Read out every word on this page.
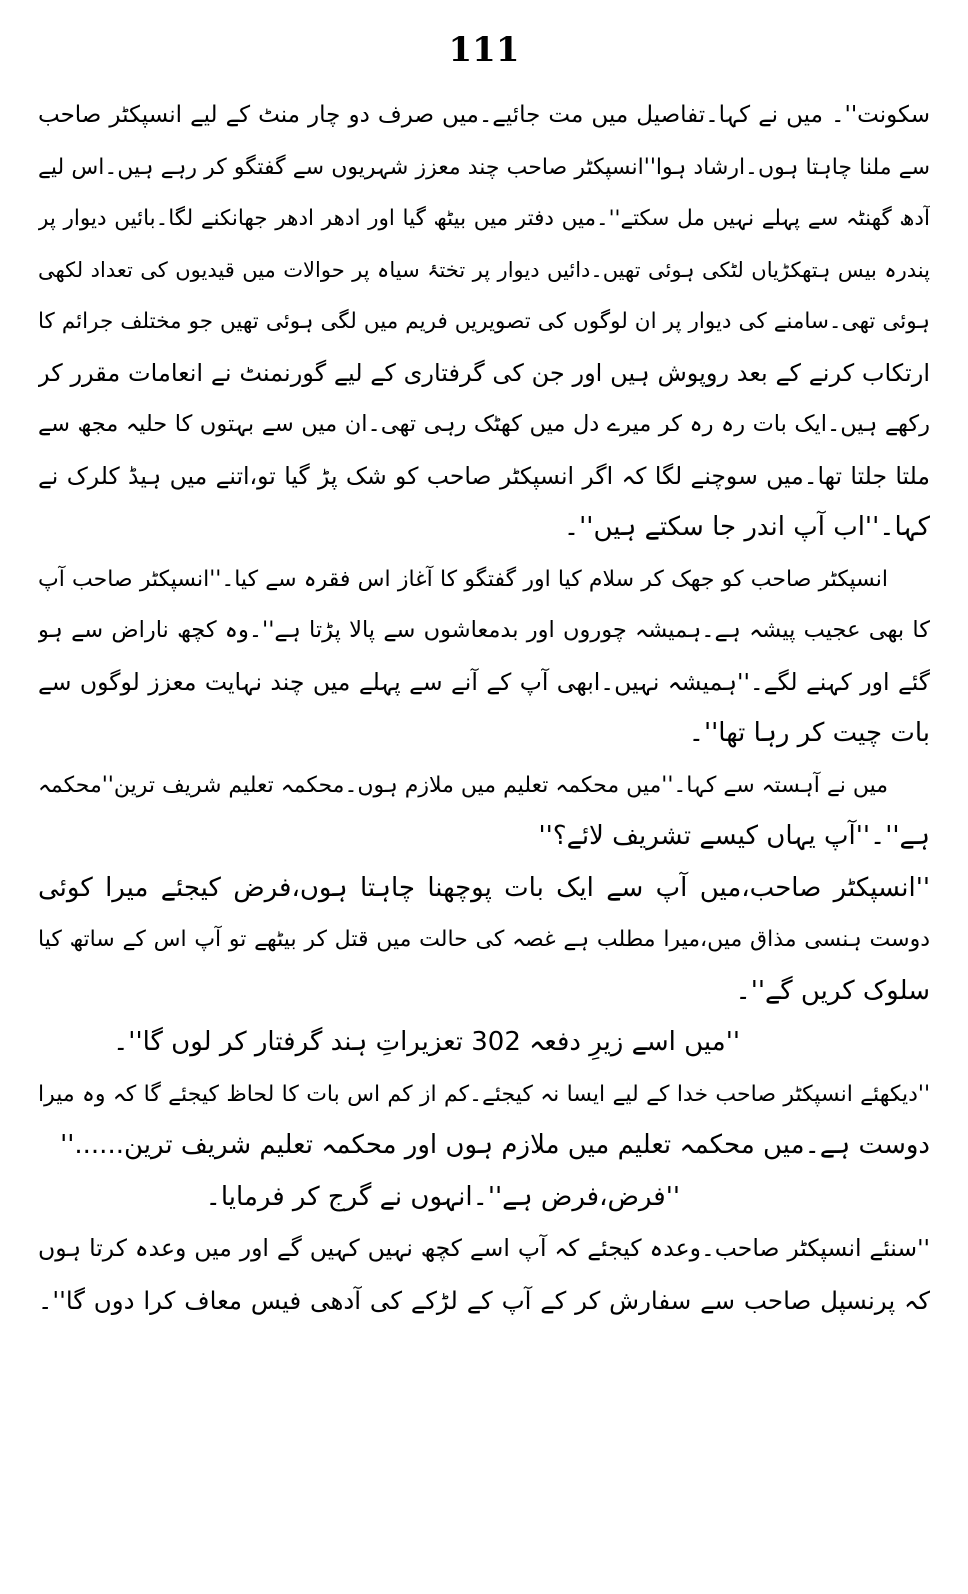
111
سکونت''۔ میں نے کہا۔تفاصیل میں مت جائیے۔میں صرف دو چار منٹ کے لیے انسپکٹر صاحب
سے ملنا چاہتا ہوں۔ارشاد ہوا''انسپکٹر صاحب چند معزز شہریوں سے گفتگو کر رہے ہیں۔اس لیے
آدھ گھنٹہ سے پہلے نہیں مل سکتے''۔میں دفتر میں بیٹھ گیا اور ادھر ادھر جھانکنے لگا۔بائیں دیوار پر
پندرہ بیس ہتھکڑیاں لٹکی ہوئی تھیں۔دائیں دیوار پر تختۂ سیاہ پر حوالات میں قیدیوں کی تعداد لکھی
ہوئی تھی۔سامنے کی دیوار پر ان لوگوں کی تصویریں فریم میں لگی ہوئی تھیں جو مختلف جرائم کا
ارتکاب کرنے کے بعد روپوش ہیں اور جن کی گرفتاری کے لیے گورنمنٹ نے انعامات مقرر کر
رکھے ہیں۔ایک بات رہ رہ کر میرے دل میں کھٹک رہی تھی۔ان میں سے بہتوں کا حلیہ مجھ سے
ملتا جلتا تھا۔میں سوچنے لگا کہ اگر انسپکٹر صاحب کو شک پڑ گیا تو،اتنے میں ہیڈ کلرک نے
کہا۔''اب آپ اندر جا سکتے ہیں''۔
انسپکٹر صاحب کو جھک کر سلام کیا اور گفتگو کا آغاز اس فقرہ سے کیا۔''انسپکٹر صاحب آپ
کا بھی عجیب پیشہ ہے۔ہمیشہ چوروں اور بدمعاشوں سے پالا پڑتا ہے''۔وہ کچھ ناراض سے ہو
گئے اور کہنے لگے۔''ہمیشہ نہیں۔ابھی آپ کے آنے سے پہلے میں چند نہایت معزز لوگوں سے
بات چیت کر رہا تھا''۔
میں نے آہستہ سے کہا۔''میں محکمہ تعلیم میں ملازم ہوں۔محکمہ تعلیم شریف ترین''محکمہ
ہے''۔''آپ یہاں کیسے تشریف لائے؟''
''انسپکٹر صاحب،میں آپ سے ایک بات پوچھنا چاہتا ہوں،فرض کیجئے میرا کوئی
دوست ہنسی مذاق میں،میرا مطلب ہے غصہ کی حالت میں قتل کر بیٹھے تو آپ اس کے ساتھ کیا
سلوک کریں گے''۔
''میں اسے زیرِ دفعہ 302 تعزیراتِ ہند گرفتار کر لوں گا''۔
''دیکھئے انسپکٹر صاحب خدا کے لیے ایسا نہ کیجئے۔کم از کم اس بات کا لحاظ کیجئے گا کہ وہ میرا
دوست ہے۔میں محکمہ تعلیم میں ملازم ہوں اور محکمہ تعلیم شریف ترین......''
''فرض،فرض ہے''۔انہوں نے گرج کر فرمایا۔
''سنئے انسپکٹر صاحب۔وعدہ کیجئے کہ آپ اسے کچھ نہیں کہیں گے اور میں وعدہ کرتا ہوں
کہ پرنسپل صاحب سے سفارش کر کے آپ کے لڑکے کی آدھی فیس معاف کرا دوں گا''۔
